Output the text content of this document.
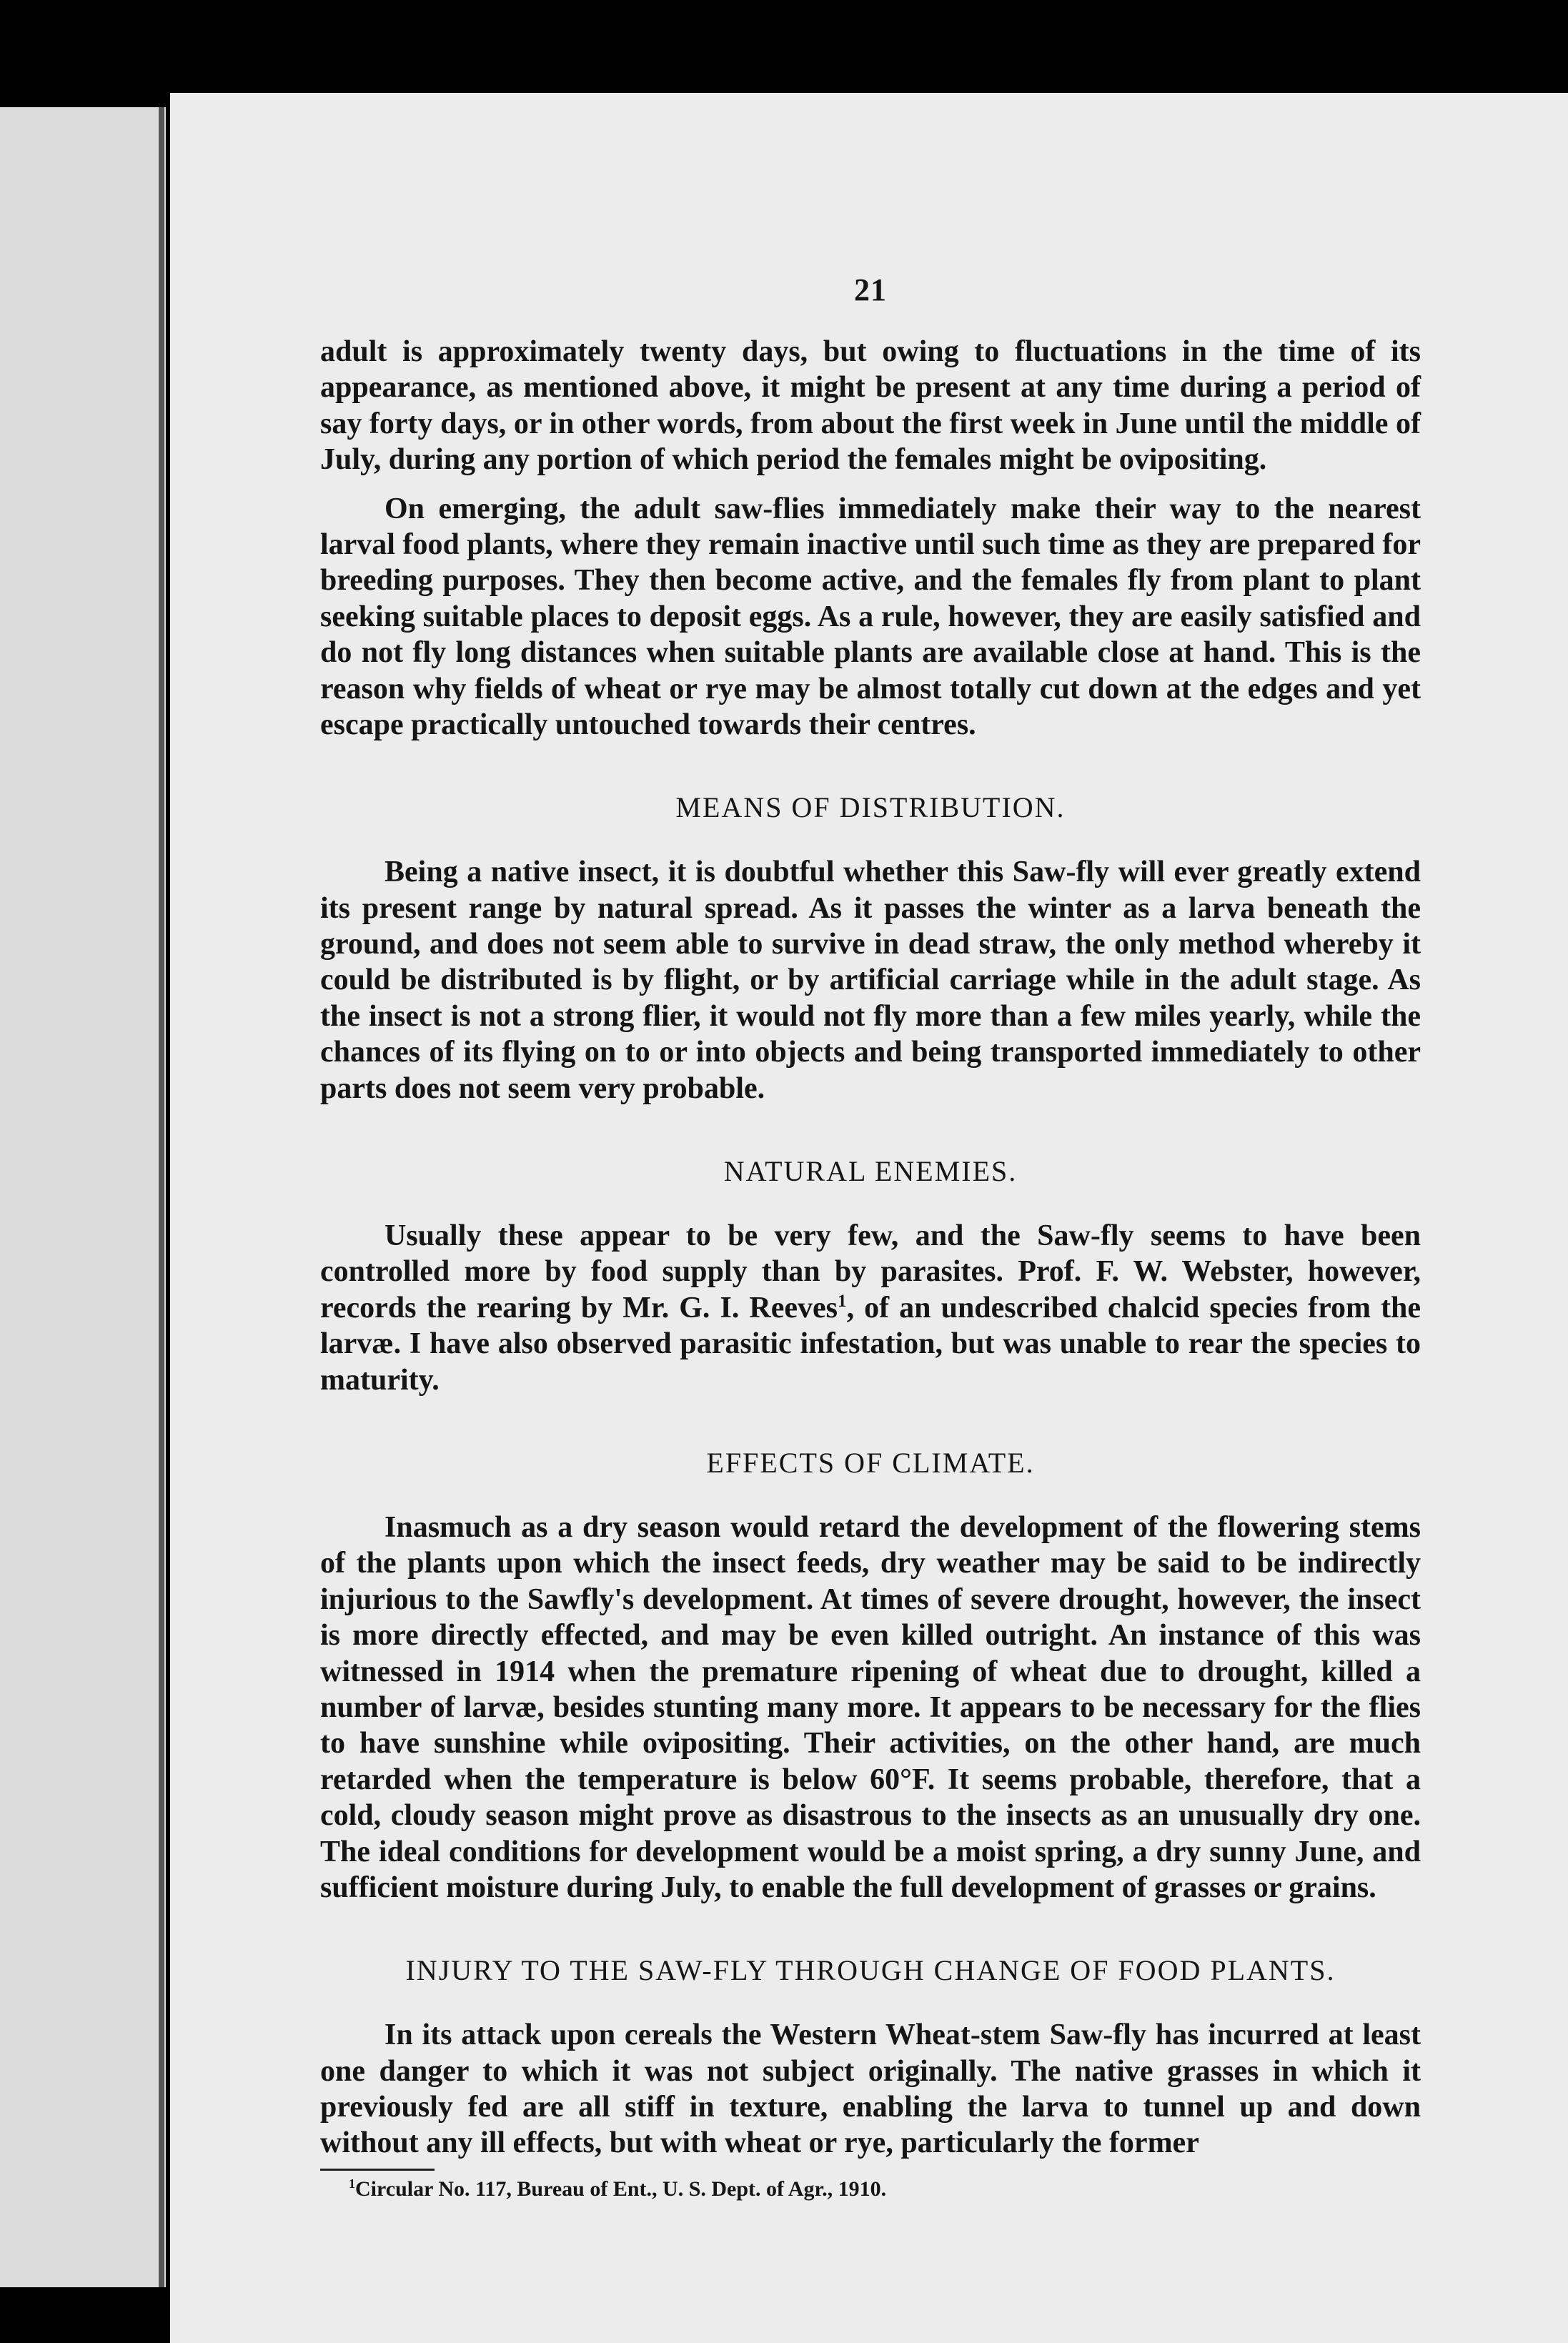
21

adult is approximately twenty days, but owing to fluctuations in the time of its appearance, as mentioned above, it might be present at any time during a period of say forty days, or in other words, from about the first week in June until the middle of July, during any portion of which period the females might be ovipositing.

On emerging, the adult saw-flies immediately make their way to the nearest larval food plants, where they remain inactive until such time as they are prepared for breeding purposes. They then become active, and the females fly from plant to plant seeking suitable places to deposit eggs. As a rule, however, they are easily satisfied and do not fly long distances when suitable plants are available close at hand. This is the reason why fields of wheat or rye may be almost totally cut down at the edges and yet escape practically untouched towards their centres.

MEANS OF DISTRIBUTION.

Being a native insect, it is doubtful whether this Saw-fly will ever greatly extend its present range by natural spread. As it passes the winter as a larva beneath the ground, and does not seem able to survive in dead straw, the only method whereby it could be distributed is by flight, or by artificial carriage while in the adult stage. As the insect is not a strong flier, it would not fly more than a few miles yearly, while the chances of its flying on to or into objects and being transported immediately to other parts does not seem very probable.

NATURAL ENEMIES.

Usually these appear to be very few, and the Saw-fly seems to have been controlled more by food supply than by parasites. Prof. F. W. Webster, however, records the rearing by Mr. G. I. Reeves$^1$, of an undescribed chalcid species from the larvæ. I have also observed parasitic infestation, but was unable to rear the species to maturity.

EFFECTS OF CLIMATE.

Inasmuch as a dry season would retard the development of the flowering stems of the plants upon which the insect feeds, dry weather may be said to be indirectly injurious to the Sawfly's development. At times of severe drought, however, the insect is more directly effected, and may be even killed outright. An instance of this was witnessed in 1914 when the premature ripening of wheat due to drought, killed a number of larvæ, besides stunting many more. It appears to be necessary for the flies to have sunshine while ovipositing. Their activities, on the other hand, are much retarded when the temperature is below 60°F. It seems probable, therefore, that a cold, cloudy season might prove as disastrous to the insects as an unusually dry one. The ideal conditions for development would be a moist spring, a dry sunny June, and sufficient moisture during July, to enable the full development of grasses or grains.

INJURY TO THE SAW-FLY THROUGH CHANGE OF FOOD PLANTS.

In its attack upon cereals the Western Wheat-stem Saw-fly has incurred at least one danger to which it was not subject originally. The native grasses in which it previously fed are all stiff in texture, enabling the larva to tunnel up and down without any ill effects, but with wheat or rye, particularly the former

$^1$Circular No. 117, Bureau of Ent., U. S. Dept. of Agr., 1910.
